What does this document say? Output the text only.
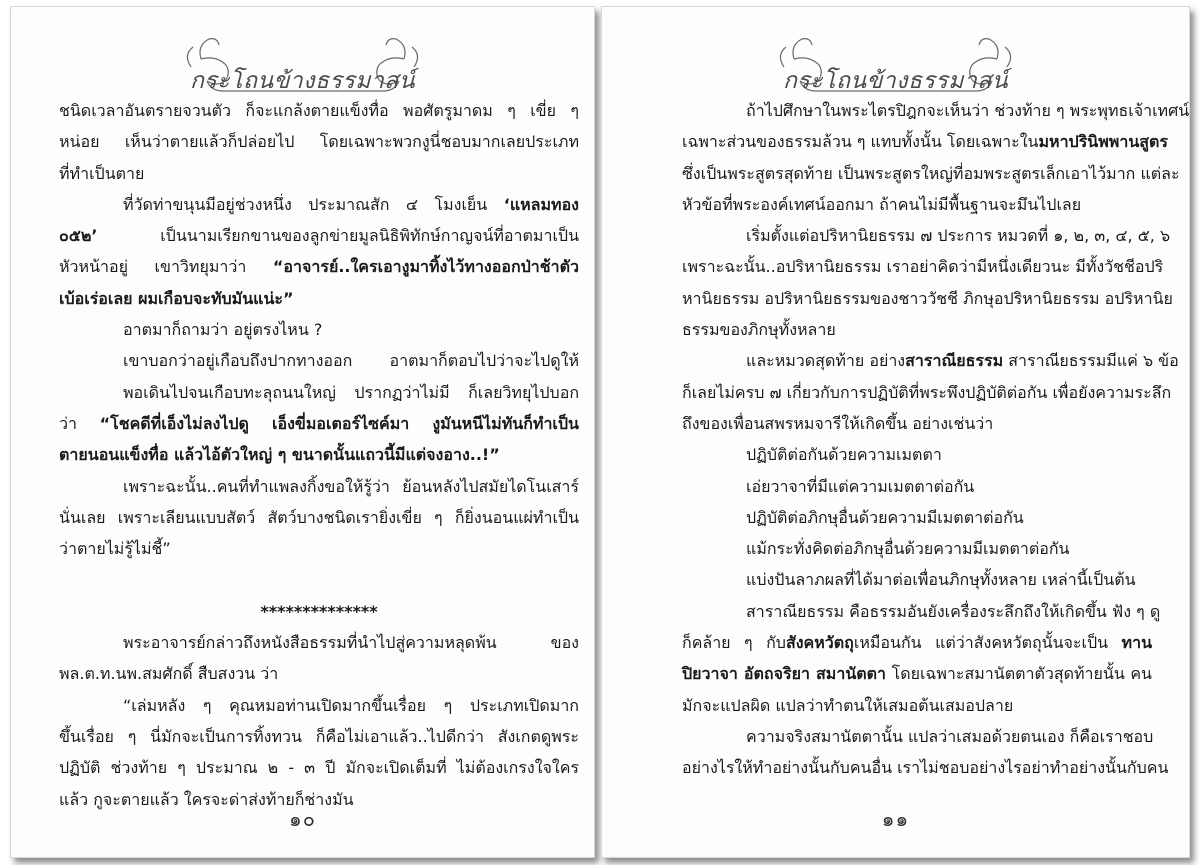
กระโถนข้างธรรมาสน์
ชนิดเวลาอันตรายจวนตัว ก็จะแกล้งตายแข็งทื่อ พอศัตรูมาดม ๆ เขี่ย ๆ
หน่อย เห็นว่าตายแล้วก็ปล่อยไป โดยเฉพาะพวกงูนี่ชอบมากเลยประเภท
ที่ทำเป็นตาย
ที่วัดท่าขนุนมีอยู่ช่วงหนึ่ง ประมาณสัก ๔ โมงเย็น ‘แหลมทอง
๐๕๒’ เป็นนามเรียกขานของลูกข่ายมูลนิธิพิทักษ์กาญจน์ที่อาตมาเป็น
หัวหน้าอยู่ เขาวิทยุมาว่า “อาจารย์..ใครเอางูมาทิ้งไว้ทางออกป่าช้าตัว
เบ้อเร่อเลย ผมเกือบจะทับมันแน่ะ”
อาตมาก็ถามว่า อยู่ตรงไหน ?
เขาบอกว่าอยู่เกือบถึงปากทางออก อาตมาก็ตอบไปว่าจะไปดูให้
พอเดินไปจนเกือบทะลุถนนใหญ่ ปรากฏว่าไม่มี ก็เลยวิทยุไปบอก
ว่า “โชคดีที่เอ็งไม่ลงไปดู เอ็งขี่มอเตอร์ไซค์มา งูมันหนีไม่ทันก็ทำเป็น
ตายนอนแข็งทื่อ แล้วไอ้ตัวใหญ่ ๆ ขนาดนั้นแถวนี้มีแต่จงอาง..!”
เพราะฉะนั้น..คนที่ทำแพลงกิ้งขอให้รู้ว่า ย้อนหลังไปสมัยไดโนเสาร์
นั่นเลย เพราะเลียนแบบสัตว์ สัตว์บางชนิดเรายิ่งเขี่ย ๆ ก็ยิ่งนอนแผ่ทำเป็น
ว่าตายไม่รู้ไม่ชี้”
**************
พระอาจารย์กล่าวถึงหนังสือธรรมที่นำไปสู่ความหลุดพ้น ของ
พล.ต.ท.นพ.สมศักดิ์ สืบสงวน ว่า
“เล่มหลัง ๆ คุณหมอท่านเปิดมากขึ้นเรื่อย ๆ ประเภทเปิดมาก
ขึ้นเรื่อย ๆ นี่มักจะเป็นการทิ้งทวน ก็คือไม่เอาแล้ว..ไปดีกว่า สังเกตดูพระ
ปฏิบัติ ช่วงท้าย ๆ ประมาณ ๒ - ๓ ปี มักจะเปิดเต็มที่ ไม่ต้องเกรงใจใคร
แล้ว กูจะตายแล้ว ใครจะด่าส่งท้ายก็ช่างมัน
๑๐
กระโถนข้างธรรมาสน์
ถ้าไปศึกษาในพระไตรปิฎกจะเห็นว่า ช่วงท้าย ๆ พระพุทธเจ้าเทศน์
เฉพาะส่วนของธรรมล้วน ๆ แทบทั้งนั้น โดยเฉพาะในมหาปรินิพพานสูตร
ซึ่งเป็นพระสูตรสุดท้าย เป็นพระสูตรใหญ่ที่อมพระสูตรเล็กเอาไว้มาก แต่ละ
หัวข้อที่พระองค์เทศน์ออกมา ถ้าคนไม่มีพื้นฐานจะมึนไปเลย
เริ่มตั้งแต่อปริหานิยธรรม ๗ ประการ หมวดที่ ๑, ๒, ๓, ๔, ๕, ๖
เพราะฉะนั้น..อปริหานิยธรรม เราอย่าคิดว่ามีหนึ่งเดียวนะ มีทั้งวัชชีอปริ
หานิยธรรม อปริหานิยธรรมของชาววัชชี ภิกษุอปริหานิยธรรม อปริหานิย
ธรรมของภิกษุทั้งหลาย
และหมวดสุดท้าย อย่างสาราณียธรรม สาราณียธรรมมีแค่ ๖ ข้อ
ก็เลยไม่ครบ ๗ เกี่ยวกับการปฏิบัติที่พระพึงปฏิบัติต่อกัน เพื่อยังความระลึก
ถึงของเพื่อนสพรหมจารีให้เกิดขึ้น อย่างเช่นว่า
ปฏิบัติต่อกันด้วยความเมตตา
เอ่ยวาจาที่มีแต่ความเมตตาต่อกัน
ปฏิบัติต่อภิกษุอื่นด้วยความมีเมตตาต่อกัน
แม้กระทั่งคิดต่อภิกษุอื่นด้วยความมีเมตตาต่อกัน
แบ่งปันลาภผลที่ได้มาต่อเพื่อนภิกษุทั้งหลาย เหล่านี้เป็นต้น
สาราณียธรรม คือธรรมอันยังเครื่องระลึกถึงให้เกิดขึ้น ฟัง ๆ ดู
ก็คล้าย ๆ กับสังคหวัตถุเหมือนกัน แต่ว่าสังคหวัตถุนั้นจะเป็น ทาน
ปิยวาจา อัตถจริยา สมานัตตา โดยเฉพาะสมานัตตาตัวสุดท้ายนั้น คน
มักจะแปลผิด แปลว่าทำตนให้เสมอต้นเสมอปลาย
ความจริงสมานัตตานั้น แปลว่าเสมอด้วยตนเอง ก็คือเราชอบ
อย่างไรให้ทำอย่างนั้นกับคนอื่น เราไม่ชอบอย่างไรอย่าทำอย่างนั้นกับคน
๑๑
